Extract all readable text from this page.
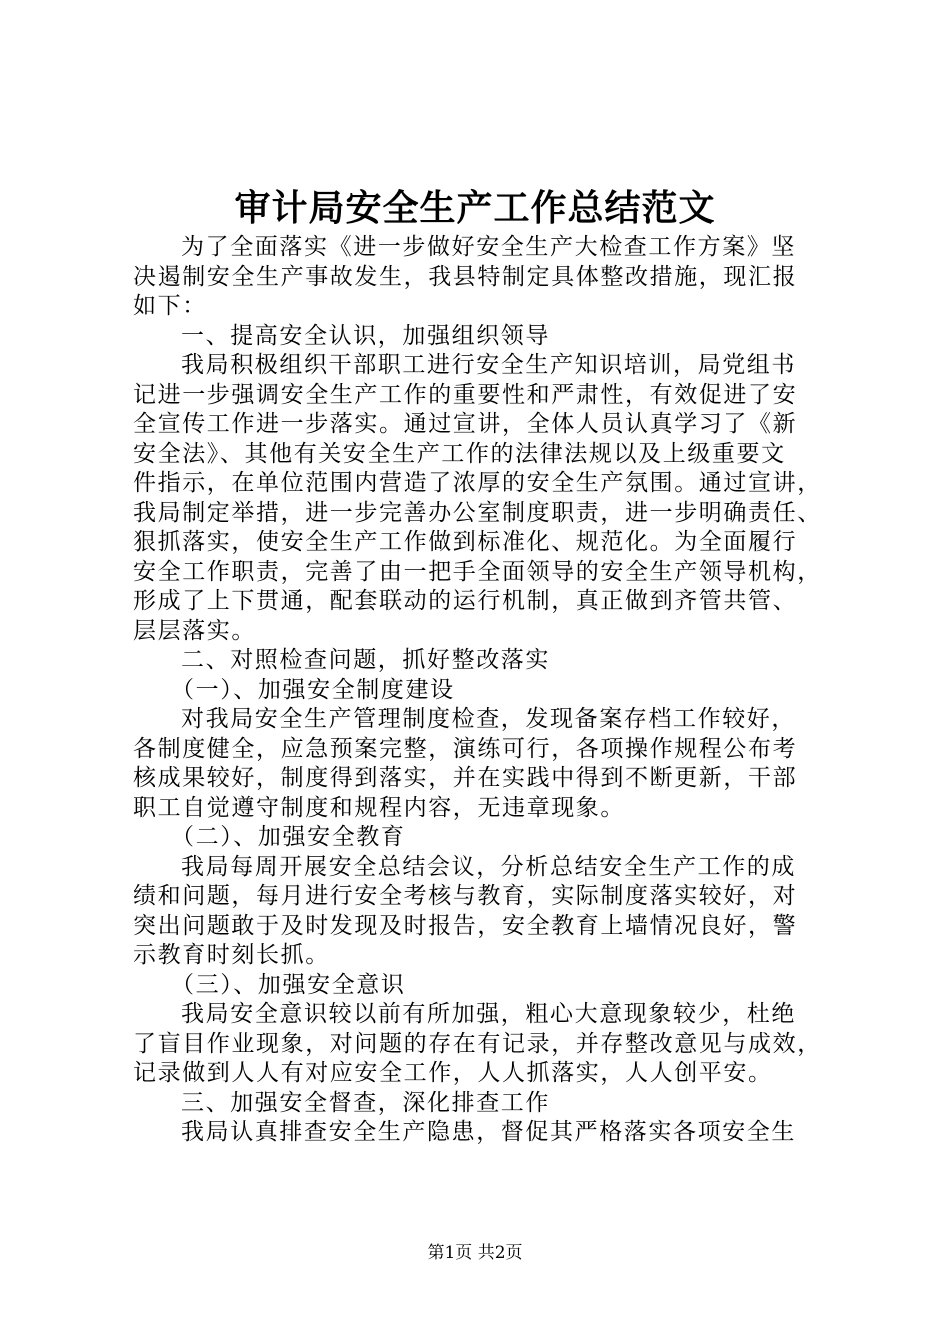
审计局安全生产工作总结范文
为了全面落实《进一步做好安全生产大检查工作方案》坚
决遏制安全生产事故发生，我县特制定具体整改措施，现汇报
如下：
一、提高安全认识，加强组织领导
我局积极组织干部职工进行安全生产知识培训，局党组书
记进一步强调安全生产工作的重要性和严肃性，有效促进了安
全宣传工作进一步落实。通过宣讲，全体人员认真学习了《新
安全法》、其他有关安全生产工作的法律法规以及上级重要文
件指示，在单位范围内营造了浓厚的安全生产氛围。通过宣讲，
我局制定举措，进一步完善办公室制度职责，进一步明确责任、
狠抓落实，使安全生产工作做到标准化、规范化。为全面履行
安全工作职责，完善了由一把手全面领导的安全生产领导机构，
形成了上下贯通，配套联动的运行机制，真正做到齐管共管、
层层落实。
二、对照检查问题，抓好整改落实
（一）、加强安全制度建设
对我局安全生产管理制度检查，发现备案存档工作较好，
各制度健全，应急预案完整，演练可行，各项操作规程公布考
核成果较好，制度得到落实，并在实践中得到不断更新，干部
职工自觉遵守制度和规程内容，无违章现象。
（二）、加强安全教育
我局每周开展安全总结会议，分析总结安全生产工作的成
绩和问题，每月进行安全考核与教育，实际制度落实较好，对
突出问题敢于及时发现及时报告，安全教育上墙情况良好，警
示教育时刻长抓。
（三）、加强安全意识
我局安全意识较以前有所加强，粗心大意现象较少，杜绝
了盲目作业现象，对问题的存在有记录，并存整改意见与成效，
记录做到人人有对应安全工作，人人抓落实，人人创平安。
三、加强安全督查，深化排查工作
我局认真排查安全生产隐患，督促其严格落实各项安全生
第1页 共2页
